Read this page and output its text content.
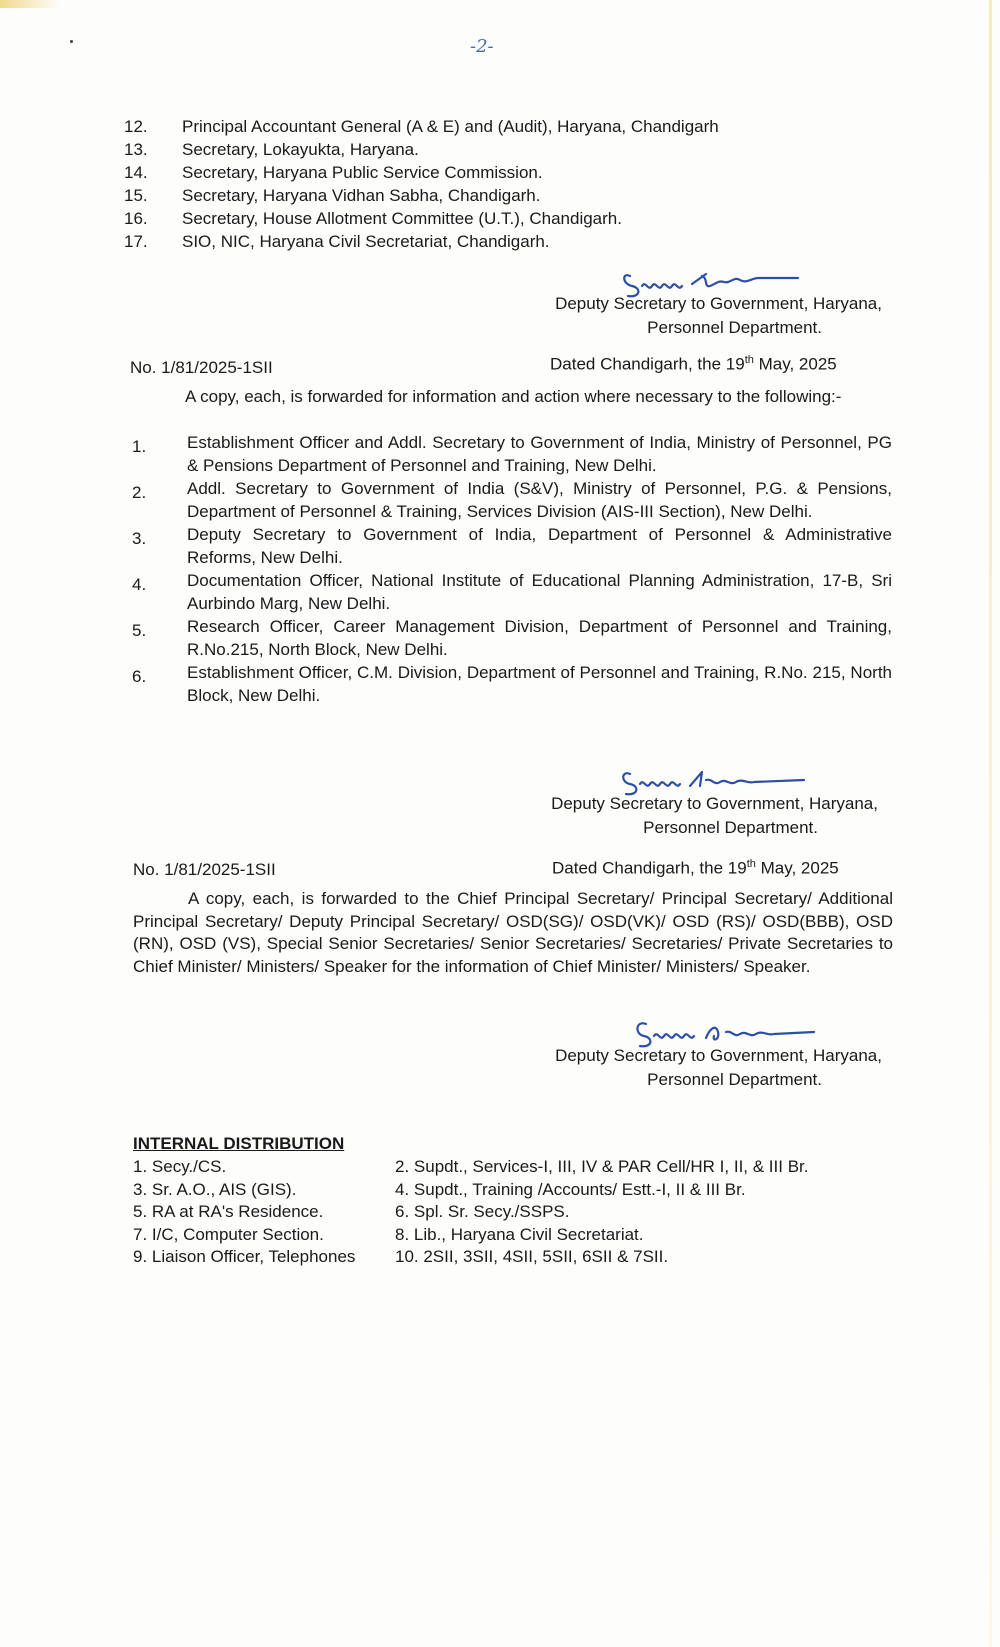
-2-
12. Principal Accountant General (A & E) and (Audit), Haryana, Chandigarh
13. Secretary, Lokayukta, Haryana.
14. Secretary, Haryana Public Service Commission.
15. Secretary, Haryana Vidhan Sabha, Chandigarh.
16. Secretary, House Allotment Committee (U.T.), Chandigarh.
17. SIO, NIC, Haryana Civil Secretariat, Chandigarh.
Deputy Secretary to Government, Haryana,
Personnel Department.
No. 1/81/2025-1SII	Dated Chandigarh, the 19th May, 2025
A copy, each, is forwarded for information and action where necessary to the following:-
1. Establishment Officer and Addl. Secretary to Government of India, Ministry of Personnel, PG & Pensions Department of Personnel and Training, New Delhi.
2. Addl. Secretary to Government of India (S&V), Ministry of Personnel, P.G. & Pensions, Department of Personnel & Training, Services Division (AIS-III Section), New Delhi.
3. Deputy Secretary to Government of India, Department of Personnel & Administrative Reforms, New Delhi.
4. Documentation Officer, National Institute of Educational Planning Administration, 17-B, Sri Aurbindo Marg, New Delhi.
5. Research Officer, Career Management Division, Department of Personnel and Training, R.No.215, North Block, New Delhi.
6. Establishment Officer, C.M. Division, Department of Personnel and Training, R.No. 215, North Block, New Delhi.
Deputy Secretary to Government, Haryana,
Personnel Department.
No. 1/81/2025-1SII	Dated Chandigarh, the 19th May, 2025
A copy, each, is forwarded to the Chief Principal Secretary/ Principal Secretary/ Additional Principal Secretary/ Deputy Principal Secretary/ OSD(SG)/ OSD(VK)/ OSD (RS)/ OSD(BBB), OSD (RN), OSD (VS), Special Senior Secretaries/ Senior Secretaries/ Secretaries/ Private Secretaries to Chief Minister/ Ministers/ Speaker for the information of Chief Minister/ Ministers/ Speaker.
Deputy Secretary to Government, Haryana,
Personnel Department.
INTERNAL DISTRIBUTION
1. Secy./CS.	2. Supdt., Services-I, III, IV & PAR Cell/HR I, II, & III Br.
3. Sr. A.O., AIS (GIS).	4. Supdt., Training /Accounts/ Estt.-I, II & III Br.
5. RA at RA's Residence.	6. Spl. Sr. Secy./SSPS.
7. I/C, Computer Section.	8. Lib., Haryana Civil Secretariat.
9. Liaison Officer, Telephones	10. 2SII, 3SII, 4SII, 5SII, 6SII & 7SII.
